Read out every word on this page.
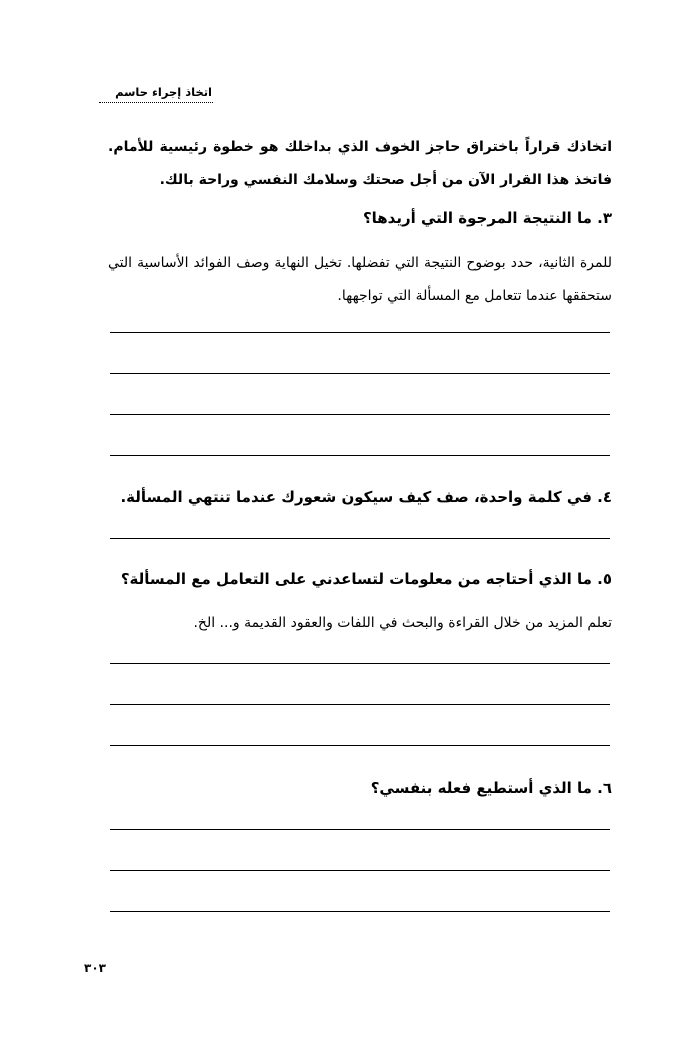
اتخاذ إجراء حاسم
اتخاذك قراراً باختراق حاجز الخوف الذي بداخلك هو خطوة رئيسية للأمام. فاتخذ هذا القرار الآن من أجل صحتك وسلامك النفسي وراحة بالك.
٣. ما النتيجة المرجوة التي أريدها؟
للمرة الثانية، حدد بوضوح النتيجة التي تفضلها. تخيل النهاية وصف الفوائد الأساسية التي ستحققها عندما تتعامل مع المسألة التي تواجهها.
٤. في كلمة واحدة، صف كيف سيكون شعورك عندما تنتهي المسألة.
٥. ما الذي أحتاجه من معلومات لتساعدني على التعامل مع المسألة؟
تعلم المزيد من خلال القراءة والبحث في اللفات والعقود القديمة و... الخ.
٦. ما الذي أستطيع فعله بنفسي؟
٣٠٣
